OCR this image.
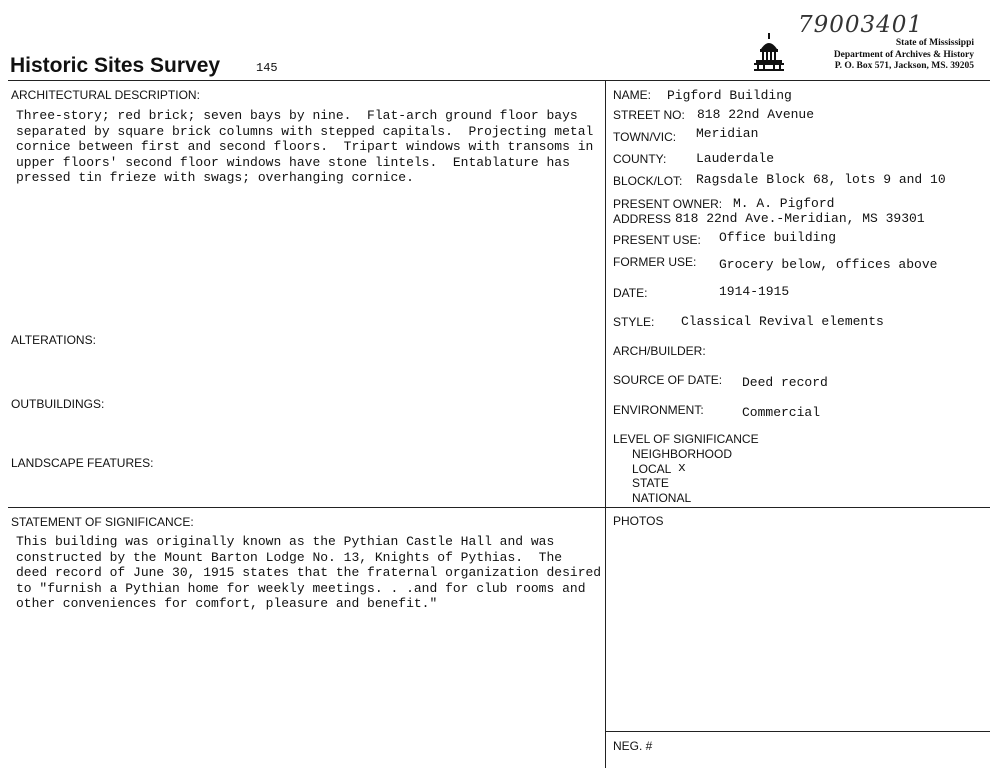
79003401
State of Mississippi
Department of Archives & History
P. O. Box 571, Jackson, MS. 39205
Historic Sites Survey	145
ARCHITECTURAL DESCRIPTION:
Three-story; red brick; seven bays by nine.  Flat-arch ground floor bays
separated by square brick columns with stepped capitals.  Projecting metal
cornice between first and second floors.  Tripart windows with transoms in
upper floors' second floor windows have stone lintels.  Entablature has
pressed tin frieze with swags; overhanging cornice.
ALTERATIONS:
OUTBUILDINGS:
LANDSCAPE FEATURES:
STATEMENT OF SIGNIFICANCE:
This building was originally known as the Pythian Castle Hall and was
constructed by the Mount Barton Lodge No. 13, Knights of Pythias.  The
deed record of June 30, 1915 states that the fraternal organization desired
to "furnish a Pythian home for weekly meetings. . .and for club rooms and
other conveniences for comfort, pleasure and benefit."
NAME: Pigford Building
STREET NO: 818 22nd Avenue
TOWN/VIC: Meridian
COUNTY: Lauderdale
BLOCK/LOT: Ragsdale Block 68, lots 9 and 10
PRESENT OWNER: M. A. Pigford
ADDRESS 818 22nd Ave.-Meridian, MS 39301
PRESENT USE: Office building
FORMER USE: Grocery below, offices above
DATE:	1914-1915
STYLE: Classical Revival elements
ARCH/BUILDER:
SOURCE OF DATE: Deed record
ENVIRONMENT:	Commercial
LEVEL OF SIGNIFICANCE
NEIGHBORHOOD
LOCAL x
STATE
NATIONAL
PHOTOS
NEG. #
